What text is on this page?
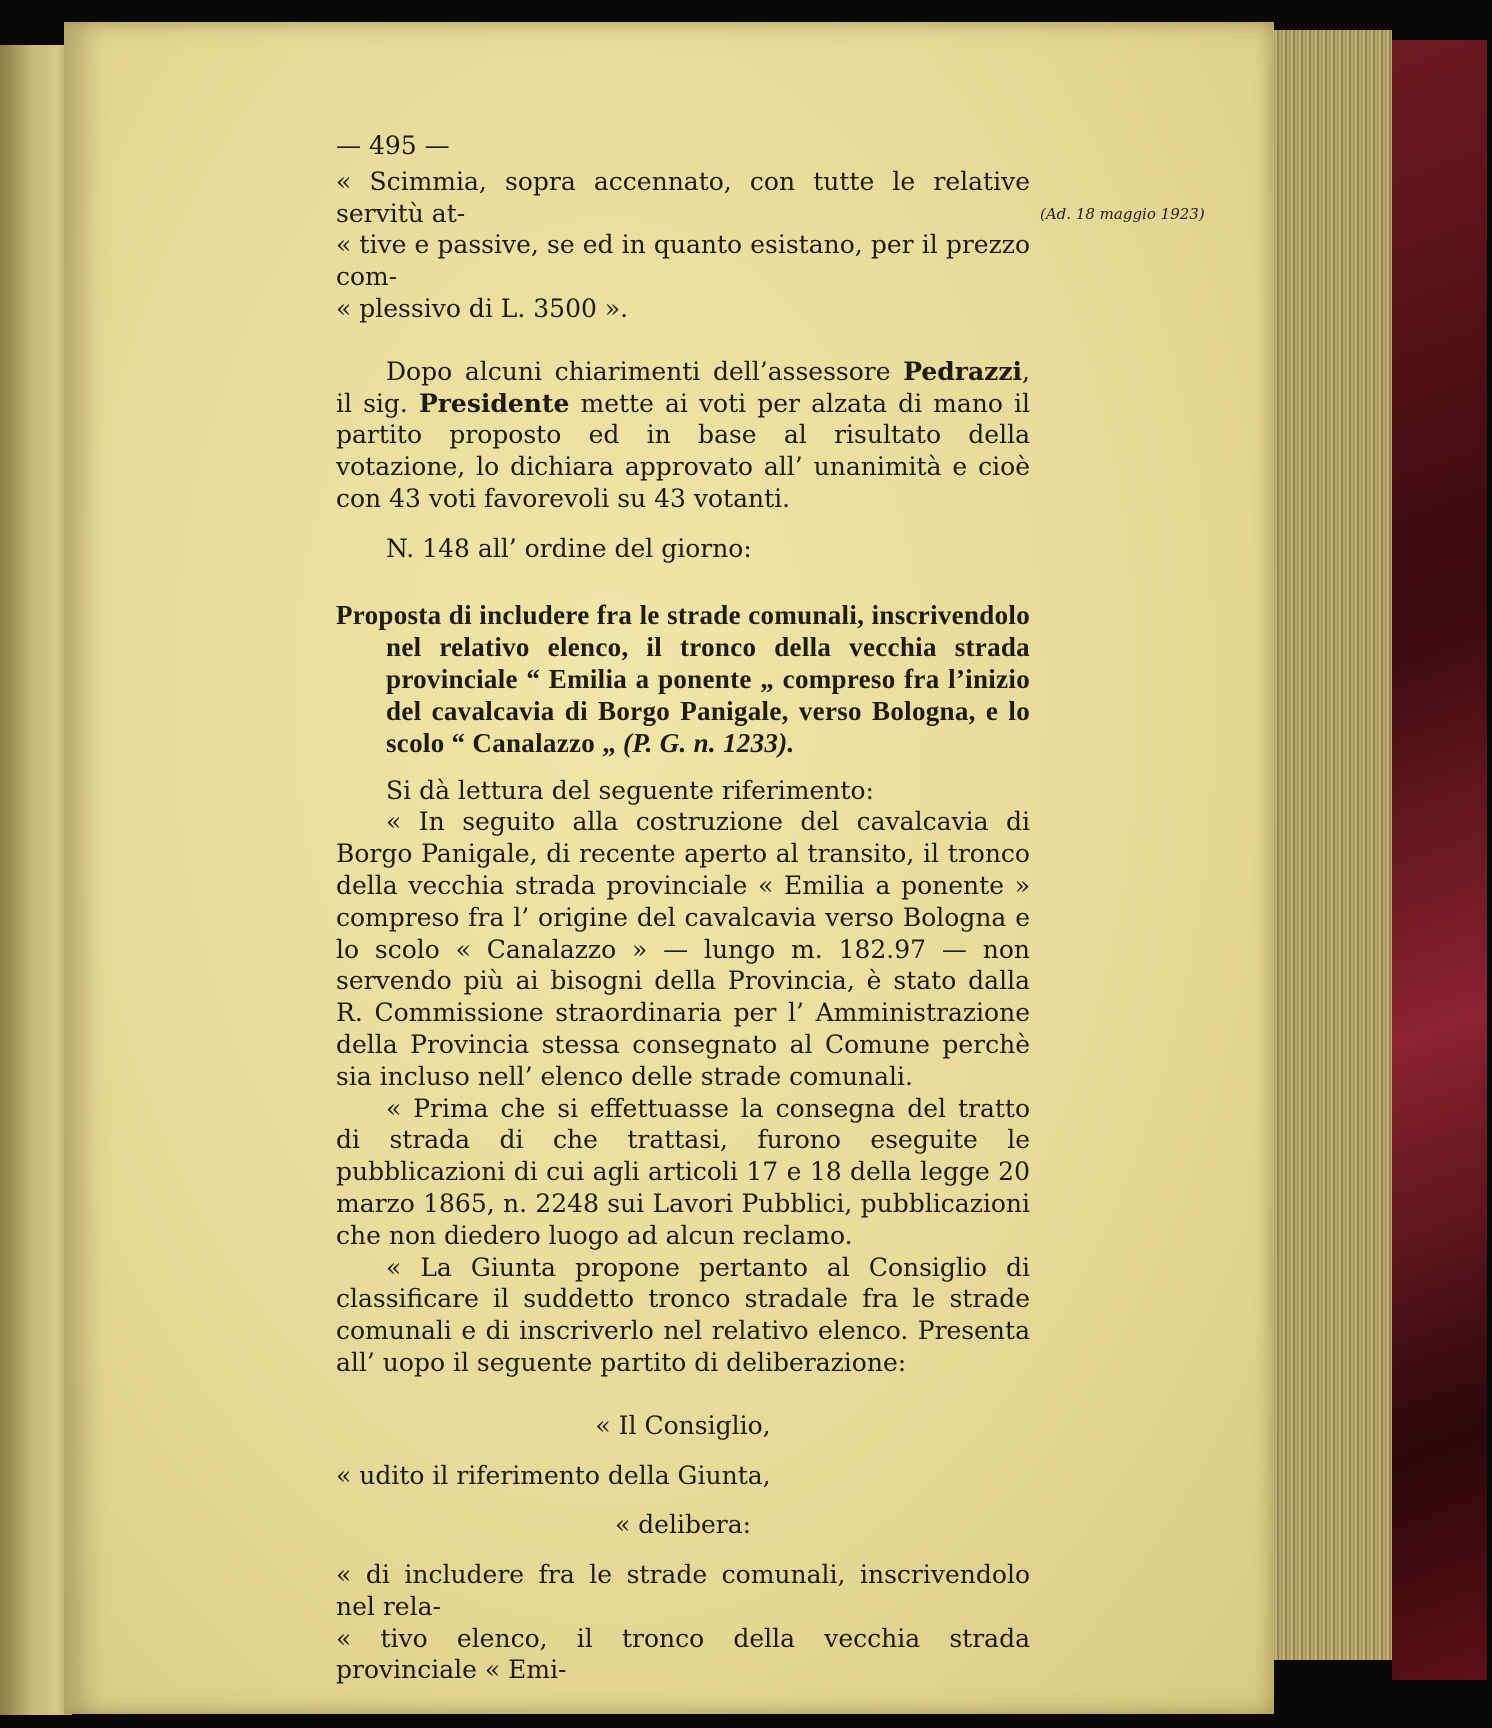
(Ad. 18 maggio 1923)

— 495 —

« Scimmia, sopra accennato, con tutte le relative servitù at-

« tive e passive, se ed in quanto esistano, per il prezzo com-

« plessivo di L. 3500 ».

Dopo alcuni chiarimenti dell’assessore Pedrazzi, il sig. Presidente mette ai voti per alzata di mano il partito proposto ed in base al risultato della votazione, lo dichiara approvato all’ unanimità e cioè con 43 voti favorevoli su 43 votanti.

N. 148 all’ ordine del giorno:

Proposta di includere fra le strade comunali, inscrivendolo nel relativo elenco, il tronco della vecchia strada provinciale “ Emilia a ponente „ compreso fra l’inizio del cavalcavia di Borgo Panigale, verso Bologna, e lo scolo “ Canalazzo „ (P. G. n. 1233).

Si dà lettura del seguente riferimento:

« In seguito alla costruzione del cavalcavia di Borgo Panigale, di recente aperto al transito, il tronco della vecchia strada provinciale « Emilia a ponente » compreso fra l’ origine del cavalcavia verso Bologna e lo scolo « Canalazzo » — lungo m. 182.97 — non servendo più ai bisogni della Provincia, è stato dalla R. Commissione straordinaria per l’ Amministrazione della Provincia stessa consegnato al Comune perchè sia incluso nell’ elenco delle strade comunali.

« Prima che si effettuasse la consegna del tratto di strada di che trattasi, furono eseguite le pubblicazioni di cui agli articoli 17 e 18 della legge 20 marzo 1865, n. 2248 sui Lavori Pubblici, pubblicazioni che non diedero luogo ad alcun reclamo.

« La Giunta propone pertanto al Consiglio di classificare il suddetto tronco stradale fra le strade comunali e di inscriverlo nel relativo elenco. Presenta all’ uopo il seguente partito di deliberazione:

« Il Consiglio,

« udito il riferimento della Giunta,

« delibera:

« di includere fra le strade comunali, inscrivendolo nel rela-

« tivo elenco, il tronco della vecchia strada provinciale « Emi-
